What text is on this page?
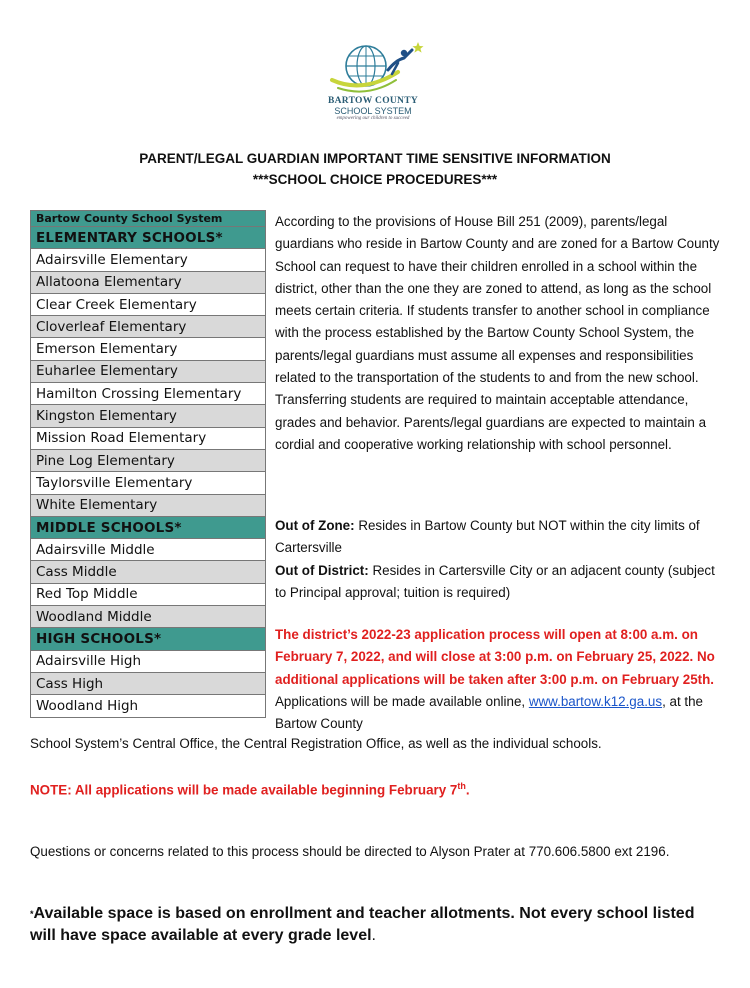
BARTOW COUNTY
SCHOOL SYSTEM
empowering our children to succeed
PARENT/LEGAL GUARDIAN IMPORTANT TIME SENSITIVE INFORMATION
***SCHOOL CHOICE PROCEDURES***
Bartow County School System
ELEMENTARY SCHOOLS*
Adairsville Elementary
Allatoona Elementary
Clear Creek Elementary
Cloverleaf Elementary
Emerson Elementary
Euharlee Elementary
Hamilton Crossing Elementary
Kingston Elementary
Mission Road Elementary
Pine Log Elementary
Taylorsville Elementary
White Elementary
MIDDLE SCHOOLS*
Adairsville Middle
Cass Middle
Red Top Middle
Woodland Middle
HIGH SCHOOLS*
Adairsville High
Cass High
Woodland High
According to the provisions of House Bill 251 (2009), parents/legal guardians who reside in Bartow County and are zoned for a Bartow County School can request to have their children enrolled in a school within the district, other than the one they are zoned to attend, as long as the school meets certain criteria. If students transfer to another school in compliance with the process established by the Bartow County School System, the parents/legal guardians must assume all expenses and responsibilities related to the transportation of the students to and from the new school. Transferring students are required to maintain acceptable attendance, grades and behavior. Parents/legal guardians are expected to maintain a cordial and cooperative working relationship with school personnel.
Out of Zone: Resides in Bartow County but NOT within the city limits of Cartersville
Out of District: Resides in Cartersville City or an adjacent county (subject to Principal approval; tuition is required)
The district’s 2022-23 application process will open at 8:00 a.m. on February 7, 2022, and will close at 3:00 p.m. on February 25, 2022. No additional applications will be taken after 3:00 p.m. on February 25th. Applications will be made available online, www.bartow.k12.ga.us, at the Bartow County
School System’s Central Office, the Central Registration Office, as well as the individual schools.
NOTE: All applications will be made available beginning February 7th.
Questions or concerns related to this process should be directed to Alyson Prater at 770.606.5800 ext 2196.
*Available space is based on enrollment and teacher allotments. Not every school listed will have space available at every grade level.
